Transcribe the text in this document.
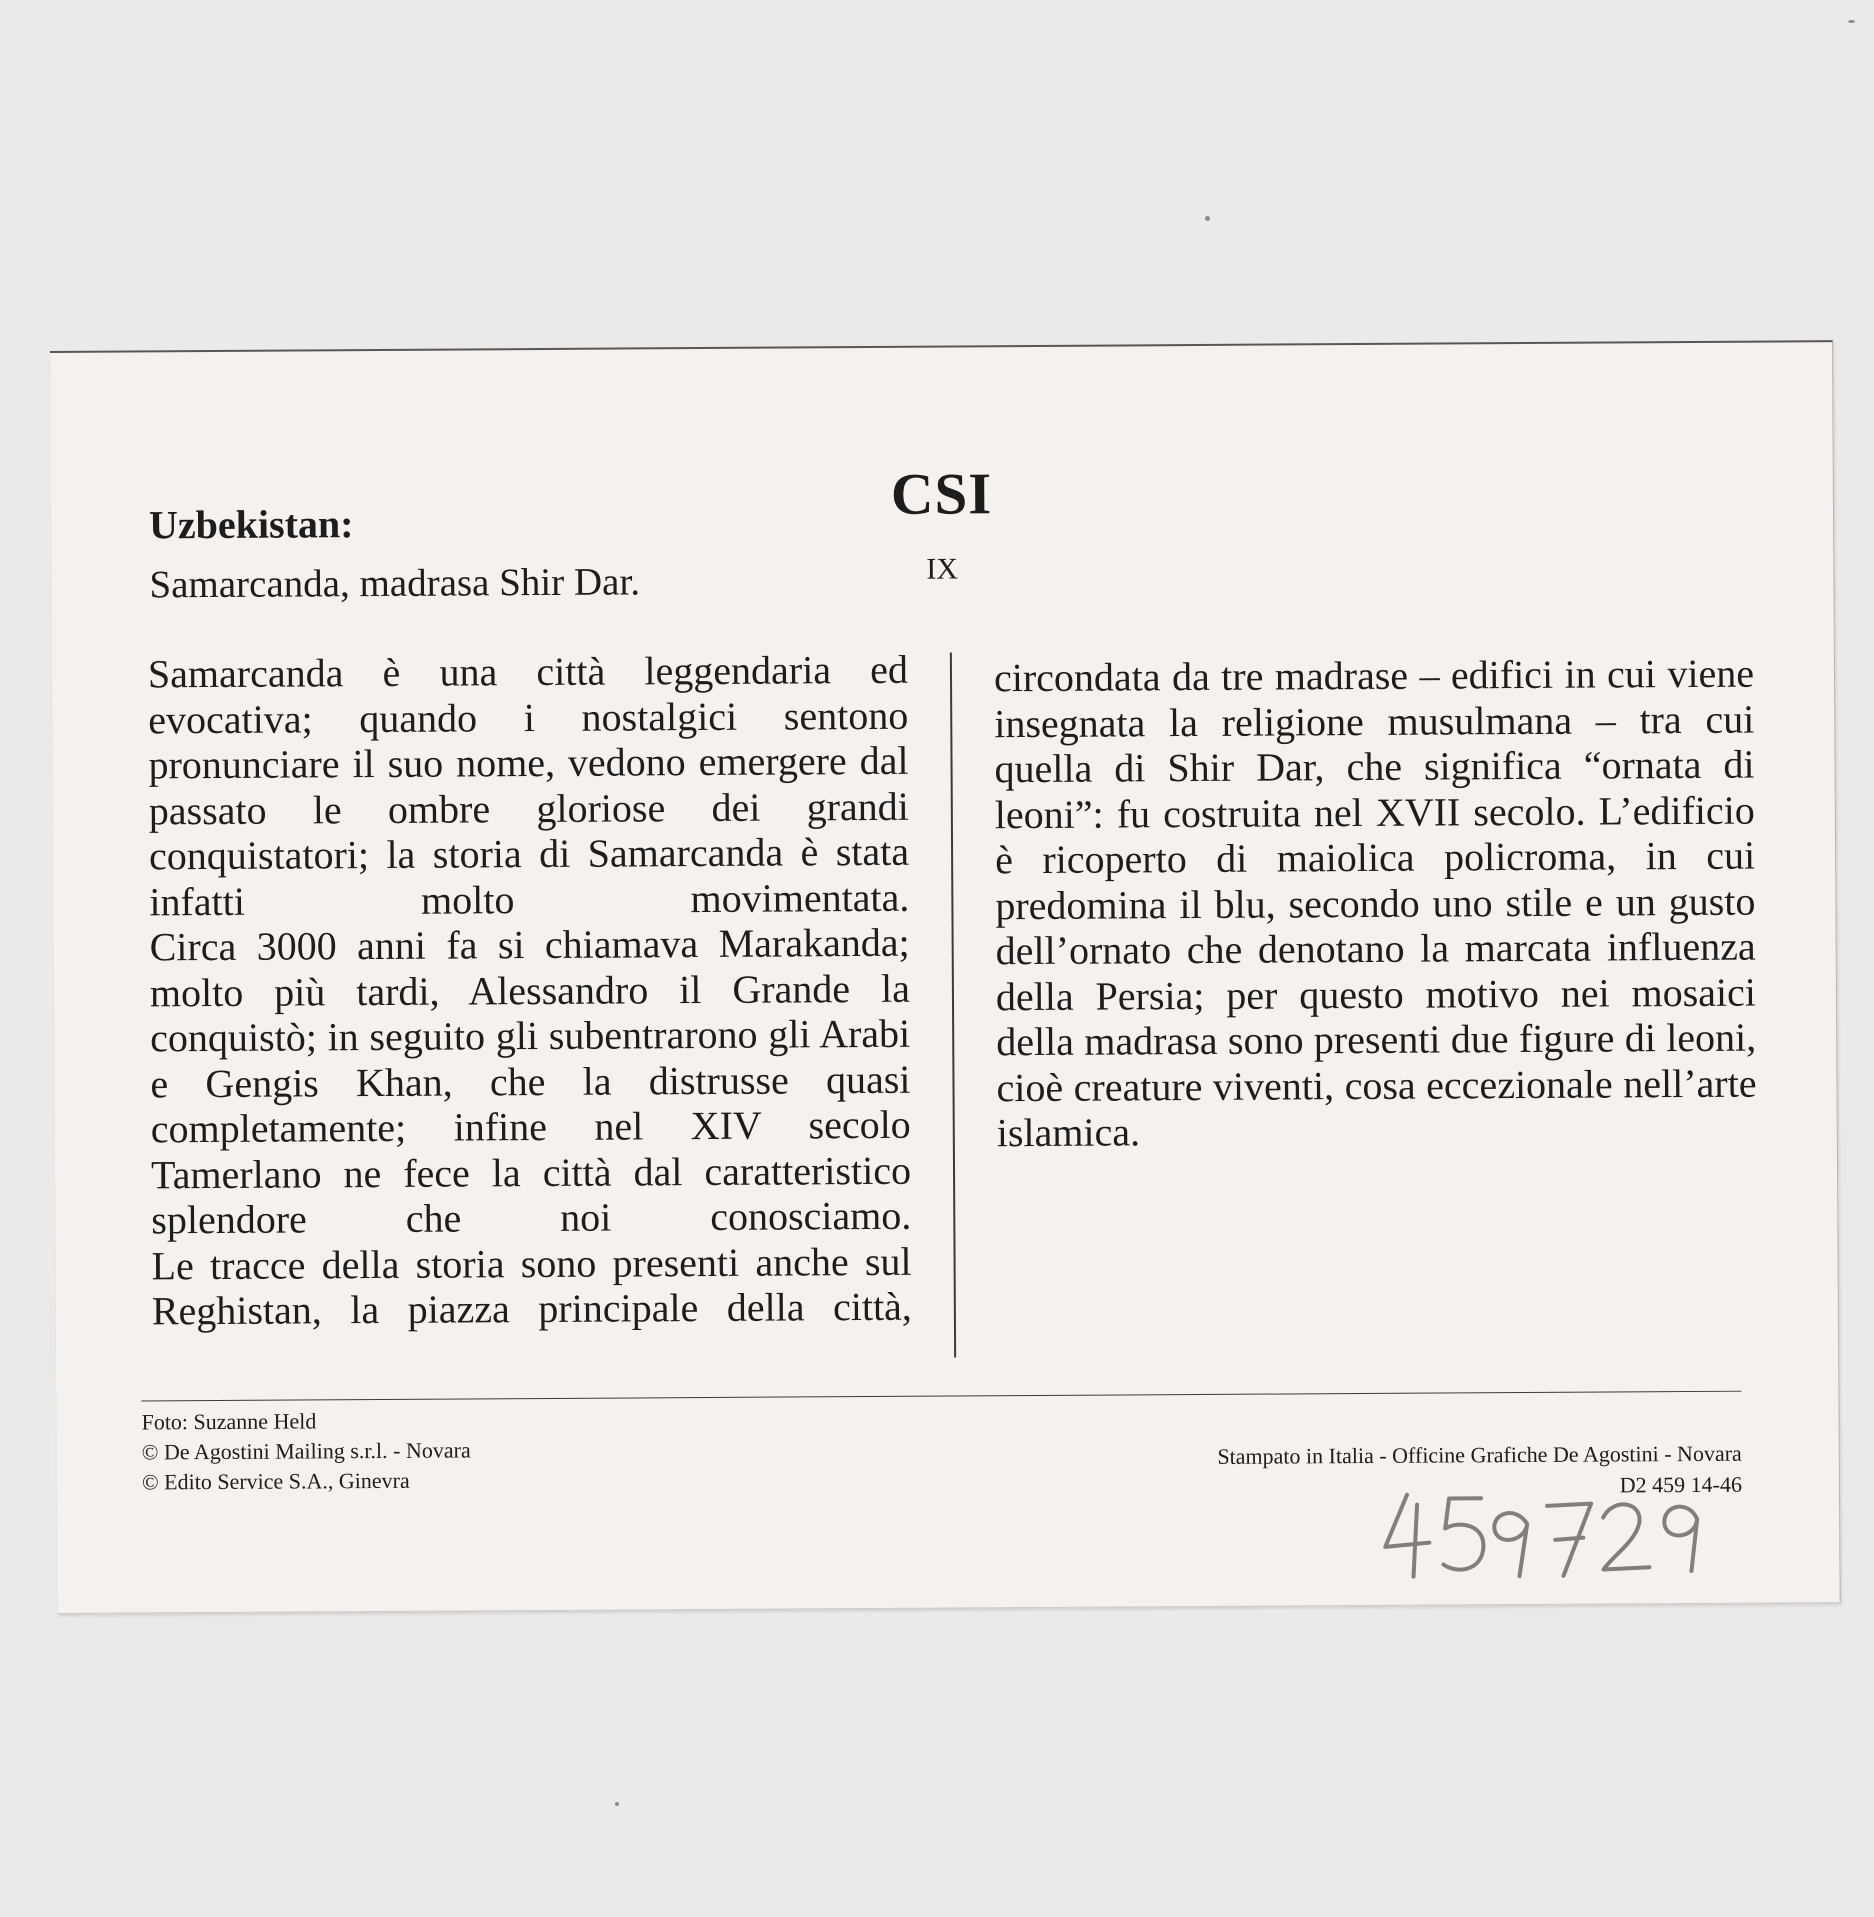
CSI
IX
Uzbekistan:
Samarcanda, madrasa Shir Dar.

Samarcanda è una città leggendaria ed evocativa; quando i nostalgici sentono pronunciare il suo nome, vedono emergere dal passato le ombre gloriose dei grandi conquistatori; la storia di Samarcanda è stata infatti molto movimentata.

Circa 3000 anni fa si chiamava Marakanda; molto più tardi, Alessandro il Grande la conquistò; in seguito gli subentrarono gli Arabi e Gengis Khan, che la distrusse quasi completamente; infine nel XIV secolo Tamerlano ne fece la città dal caratteristico splendore che noi conosciamo.

Le tracce della storia sono presenti anche sul Reghistan, la piazza principale della città,

circondata da tre madrase – edifici in cui viene insegnata la religione musulmana – tra cui quella di Shir Dar, che significa “ornata di leoni”: fu costruita nel XVII secolo. L’edificio è ricoperto di maiolica policroma, in cui predomina il blu, secondo uno stile e un gusto dell’ornato che denotano la marcata influenza della Persia; per questo motivo nei mosaici della madrasa sono presenti due figure di leoni, cioè creature viventi, cosa eccezionale nell’arte islamica.

Foto: Suzanne Held
© De Agostini Mailing s.r.l. - Novara
© Edito Service S.A., Ginevra
Stampato in Italia - Officine Grafiche De Agostini - Novara
D2 459 14-46
